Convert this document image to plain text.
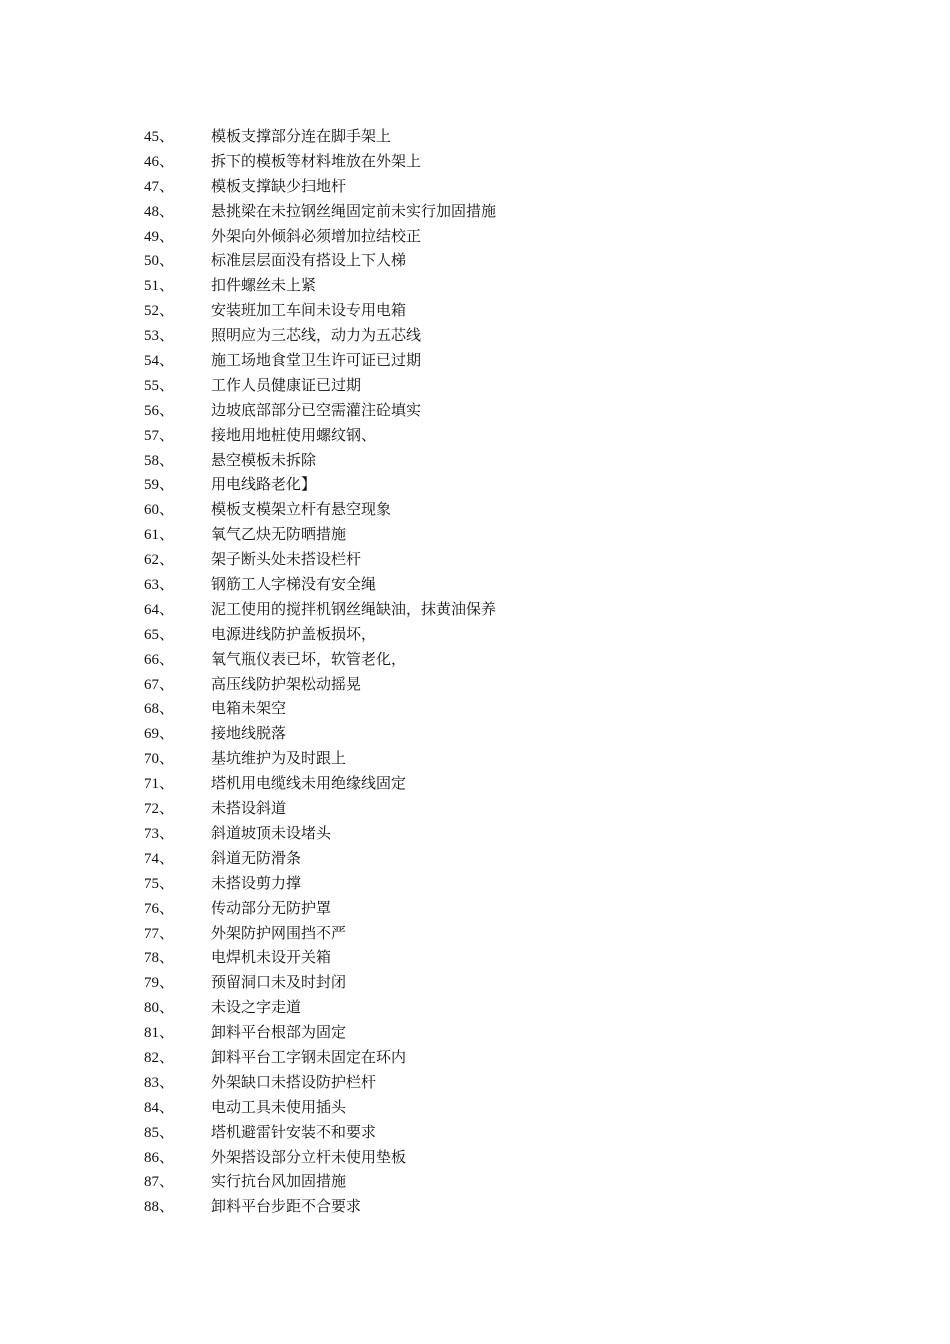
45、 模板支撑部分连在脚手架上
46、 拆下的模板等材料堆放在外架上
47、 模板支撑缺少扫地杆
48、 悬挑梁在未拉钢丝绳固定前未实行加固措施
49、 外架向外倾斜必须增加拉结校正
50、 标准层层面没有搭设上下人梯
51、 扣件螺丝未上紧
52、 安装班加工车间未设专用电箱
53、 照明应为三芯线，动力为五芯线
54、 施工场地食堂卫生许可证已过期
55、 工作人员健康证已过期
56、 边坡底部部分已空需灌注砼填实
57、 接地用地桩使用螺纹钢、
58、 悬空模板未拆除
59、 用电线路老化】
60、 模板支模架立杆有悬空现象
61、 氧气乙炔无防晒措施
62、 架子断头处未搭设栏杆
63、 钢筋工人字梯没有安全绳
64、 泥工使用的搅拌机钢丝绳缺油，抹黄油保养
65、 电源进线防护盖板损坏，
66、 氧气瓶仪表已坏，软管老化，
67、 高压线防护架松动摇晃
68、 电箱未架空
69、 接地线脱落
70、 基坑维护为及时跟上
71、 塔机用电缆线未用绝缘线固定
72、 未搭设斜道
73、 斜道坡顶未设堵头
74、 斜道无防滑条
75、 未搭设剪力撑
76、 传动部分无防护罩
77、 外架防护网围挡不严
78、 电焊机未设开关箱
79、 预留洞口未及时封闭
80、 未设之字走道
81、 卸料平台根部为固定
82、 卸料平台工字钢未固定在环内
83、 外架缺口未搭设防护栏杆
84、 电动工具未使用插头
85、 塔机避雷针安装不和要求
86、 外架搭设部分立杆未使用垫板
87、 实行抗台风加固措施
88、 卸料平台步距不合要求
